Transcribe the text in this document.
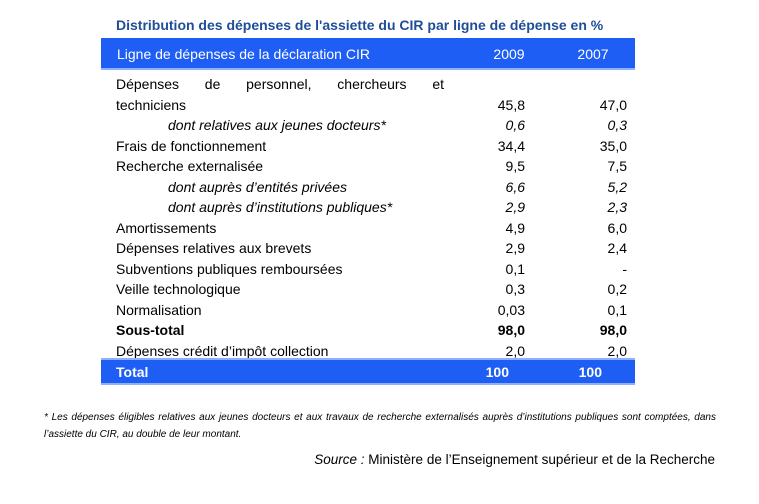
Distribution des dépenses de l'assiette du CIR par ligne de dépense en %
Ligne de dépenses de la déclaration CIR	2009	2007
Dépenses de personnel, chercheurs et
techniciens	45,8	47,0
dont relatives aux jeunes docteurs*	0,6	0,3
Frais de fonctionnement	34,4	35,0
Recherche externalisée	9,5	7,5
dont auprès d’entités privées	6,6	5,2
dont auprès d’institutions publiques*	2,9	2,3
Amortissements	4,9	6,0
Dépenses relatives aux brevets	2,9	2,4
Subventions publiques remboursées	0,1	-
Veille technologique	0,3	0,2
Normalisation	0,03	0,1
Sous-total	98,0	98,0
Dépenses crédit d’impôt collection	2,0	2,0
Total	100	100
* Les dépenses éligibles relatives aux jeunes docteurs et aux travaux de recherche externalisés auprès d’institutions publiques sont comptées, dans l’assiette du CIR, au double de leur montant.
Source : Ministère de l’Enseignement supérieur et de la Recherche
